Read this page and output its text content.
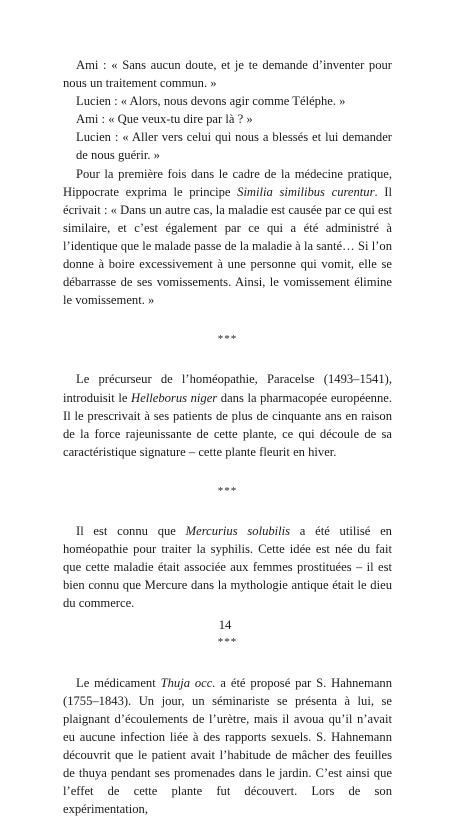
Ami : « Sans aucun doute, et je te demande d’inventer pour nous un traitement commun. »

Lucien : « Alors, nous devons agir comme Téléphe. »

Ami : « Que veux-tu dire par là ? »

Lucien : « Aller vers celui qui nous a blessés et lui demander de nous guérir. »

Pour la première fois dans le cadre de la médecine pratique, Hippocrate exprima le principe Similia similibus curentur. Il écrivait : « Dans un autre cas, la maladie est causée par ce qui est similaire, et c’est également par ce qui a été administré à l’identique que le malade passe de la maladie à la santé… Si l’on donne à boire excessivement à une personne qui vomit, elle se débarrasse de ses vomissements. Ainsi, le vomissement élimine le vomissement. »

***

Le précurseur de l’homéopathie, Paracelse (1493–1541), introduisit le Helleborus niger dans la pharmacopée européenne. Il le prescrivait à ses patients de plus de cinquante ans en raison de la force rajeunissante de cette plante, ce qui découle de sa caractéristique signature – cette plante fleurit en hiver.

***

Il est connu que Mercurius solubilis a été utilisé en homéopathie pour traiter la syphilis. Cette idée est née du fait que cette maladie était associée aux femmes prostituées – il est bien connu que Mercure dans la mythologie antique était le dieu du commerce.

***

Le médicament Thuja occ. a été proposé par S. Hahnemann (1755–1843). Un jour, un séminariste se présenta à lui, se plaignant d’écoulements de l’urètre, mais il avoua qu’il n’avait eu aucune infection liée à des rapports sexuels. S. Hahnemann découvrit que le patient avait l’habitude de mâcher des feuilles de thuya pendant ses promenades dans le jardin. C’est ainsi que l’effet de cette plante fut découvert. Lors de son expérimentation,

14
